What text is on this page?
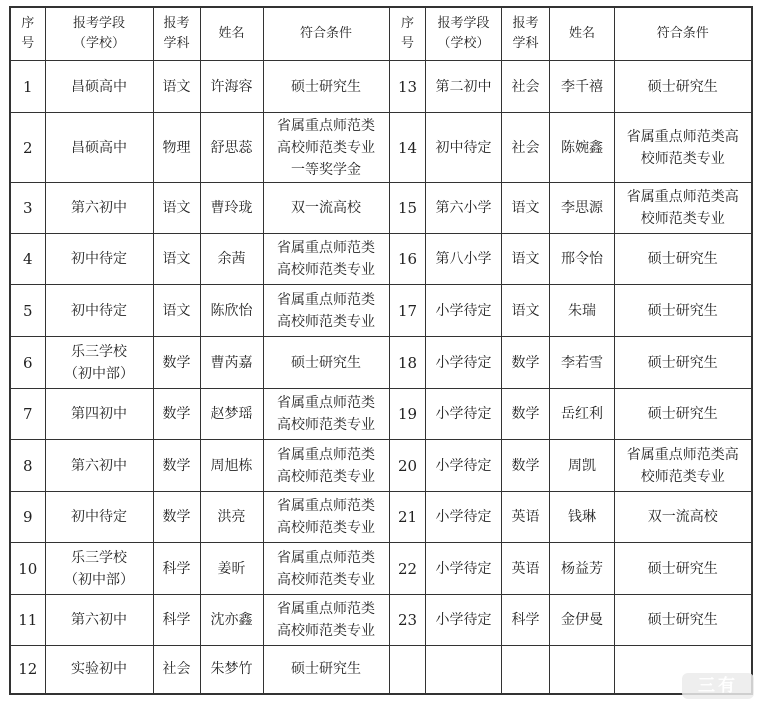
序
号	报考学段
（学校）	报考
学科	姓名	符合条件
1	昌硕高中	语文	许海容	硕士研究生
2	昌硕高中	物理	舒思蕊	省属重点师范类
高校师范类专业
一等奖学金
3	第六初中	语文	曹玲珑	双一流高校
4	初中待定	语文	余茜	省属重点师范类
高校师范类专业
5	初中待定	语文	陈欣怡	省属重点师范类
高校师范类专业
6	乐三学校
（初中部）	数学	曹芮嘉	硕士研究生
7	第四初中	数学	赵梦瑶	省属重点师范类
高校师范类专业
8	第六初中	数学	周旭栋	省属重点师范类
高校师范类专业
9	初中待定	数学	洪亮	省属重点师范类
高校师范类专业
10	乐三学校
（初中部）	科学	姜昕	省属重点师范类
高校师范类专业
11	第六初中	科学	沈亦鑫	省属重点师范类
高校师范类专业
12	实验初中	社会	朱梦竹	硕士研究生
序
号	报考学段
（学校）	报考
学科	姓名	符合条件
13	第二初中	社会	李千禧	硕士研究生
14	初中待定	社会	陈婉鑫	省属重点师范类高
校师范类专业
15	第六小学	语文	李思源	省属重点师范类高
校师范类专业
16	第八小学	语文	邢令怡	硕士研究生
17	小学待定	语文	朱瑞	硕士研究生
18	小学待定	数学	李若雪	硕士研究生
19	小学待定	数学	岳红利	硕士研究生
20	小学待定	数学	周凯	省属重点师范类高
校师范类专业
21	小学待定	英语	钱琳	双一流高校
22	小学待定	英语	杨益芳	硕士研究生
23	小学待定	科学	金伊曼	硕士研究生

三有
